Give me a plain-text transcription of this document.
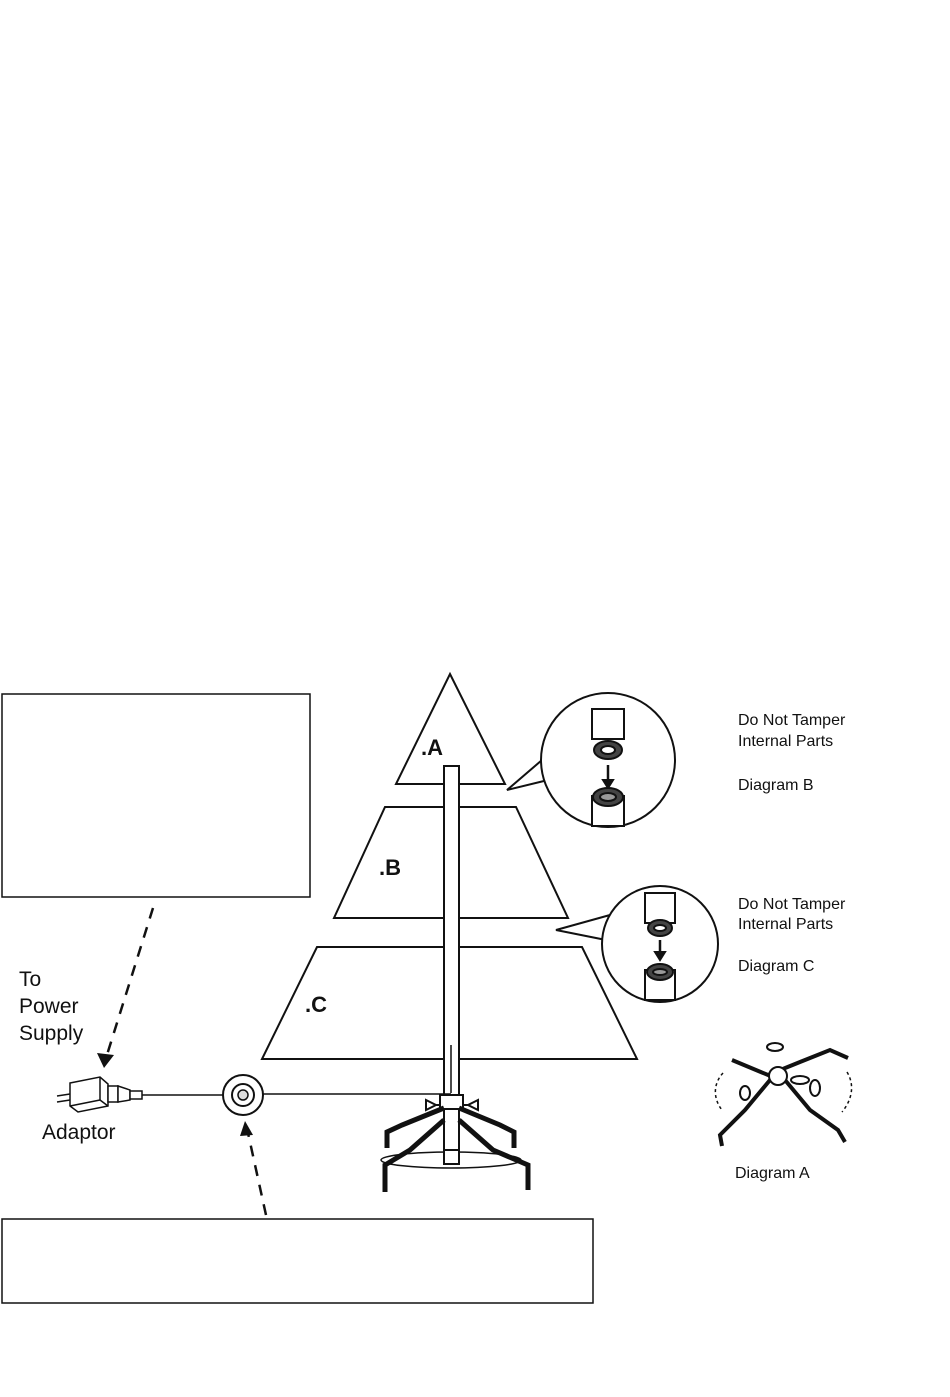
.A
.B
.C
Do Not Tamper
Internal Parts
Diagram B
Do Not Tamper
Internal Parts
Diagram C
Diagram A
To
Power
Supply
Adaptor
